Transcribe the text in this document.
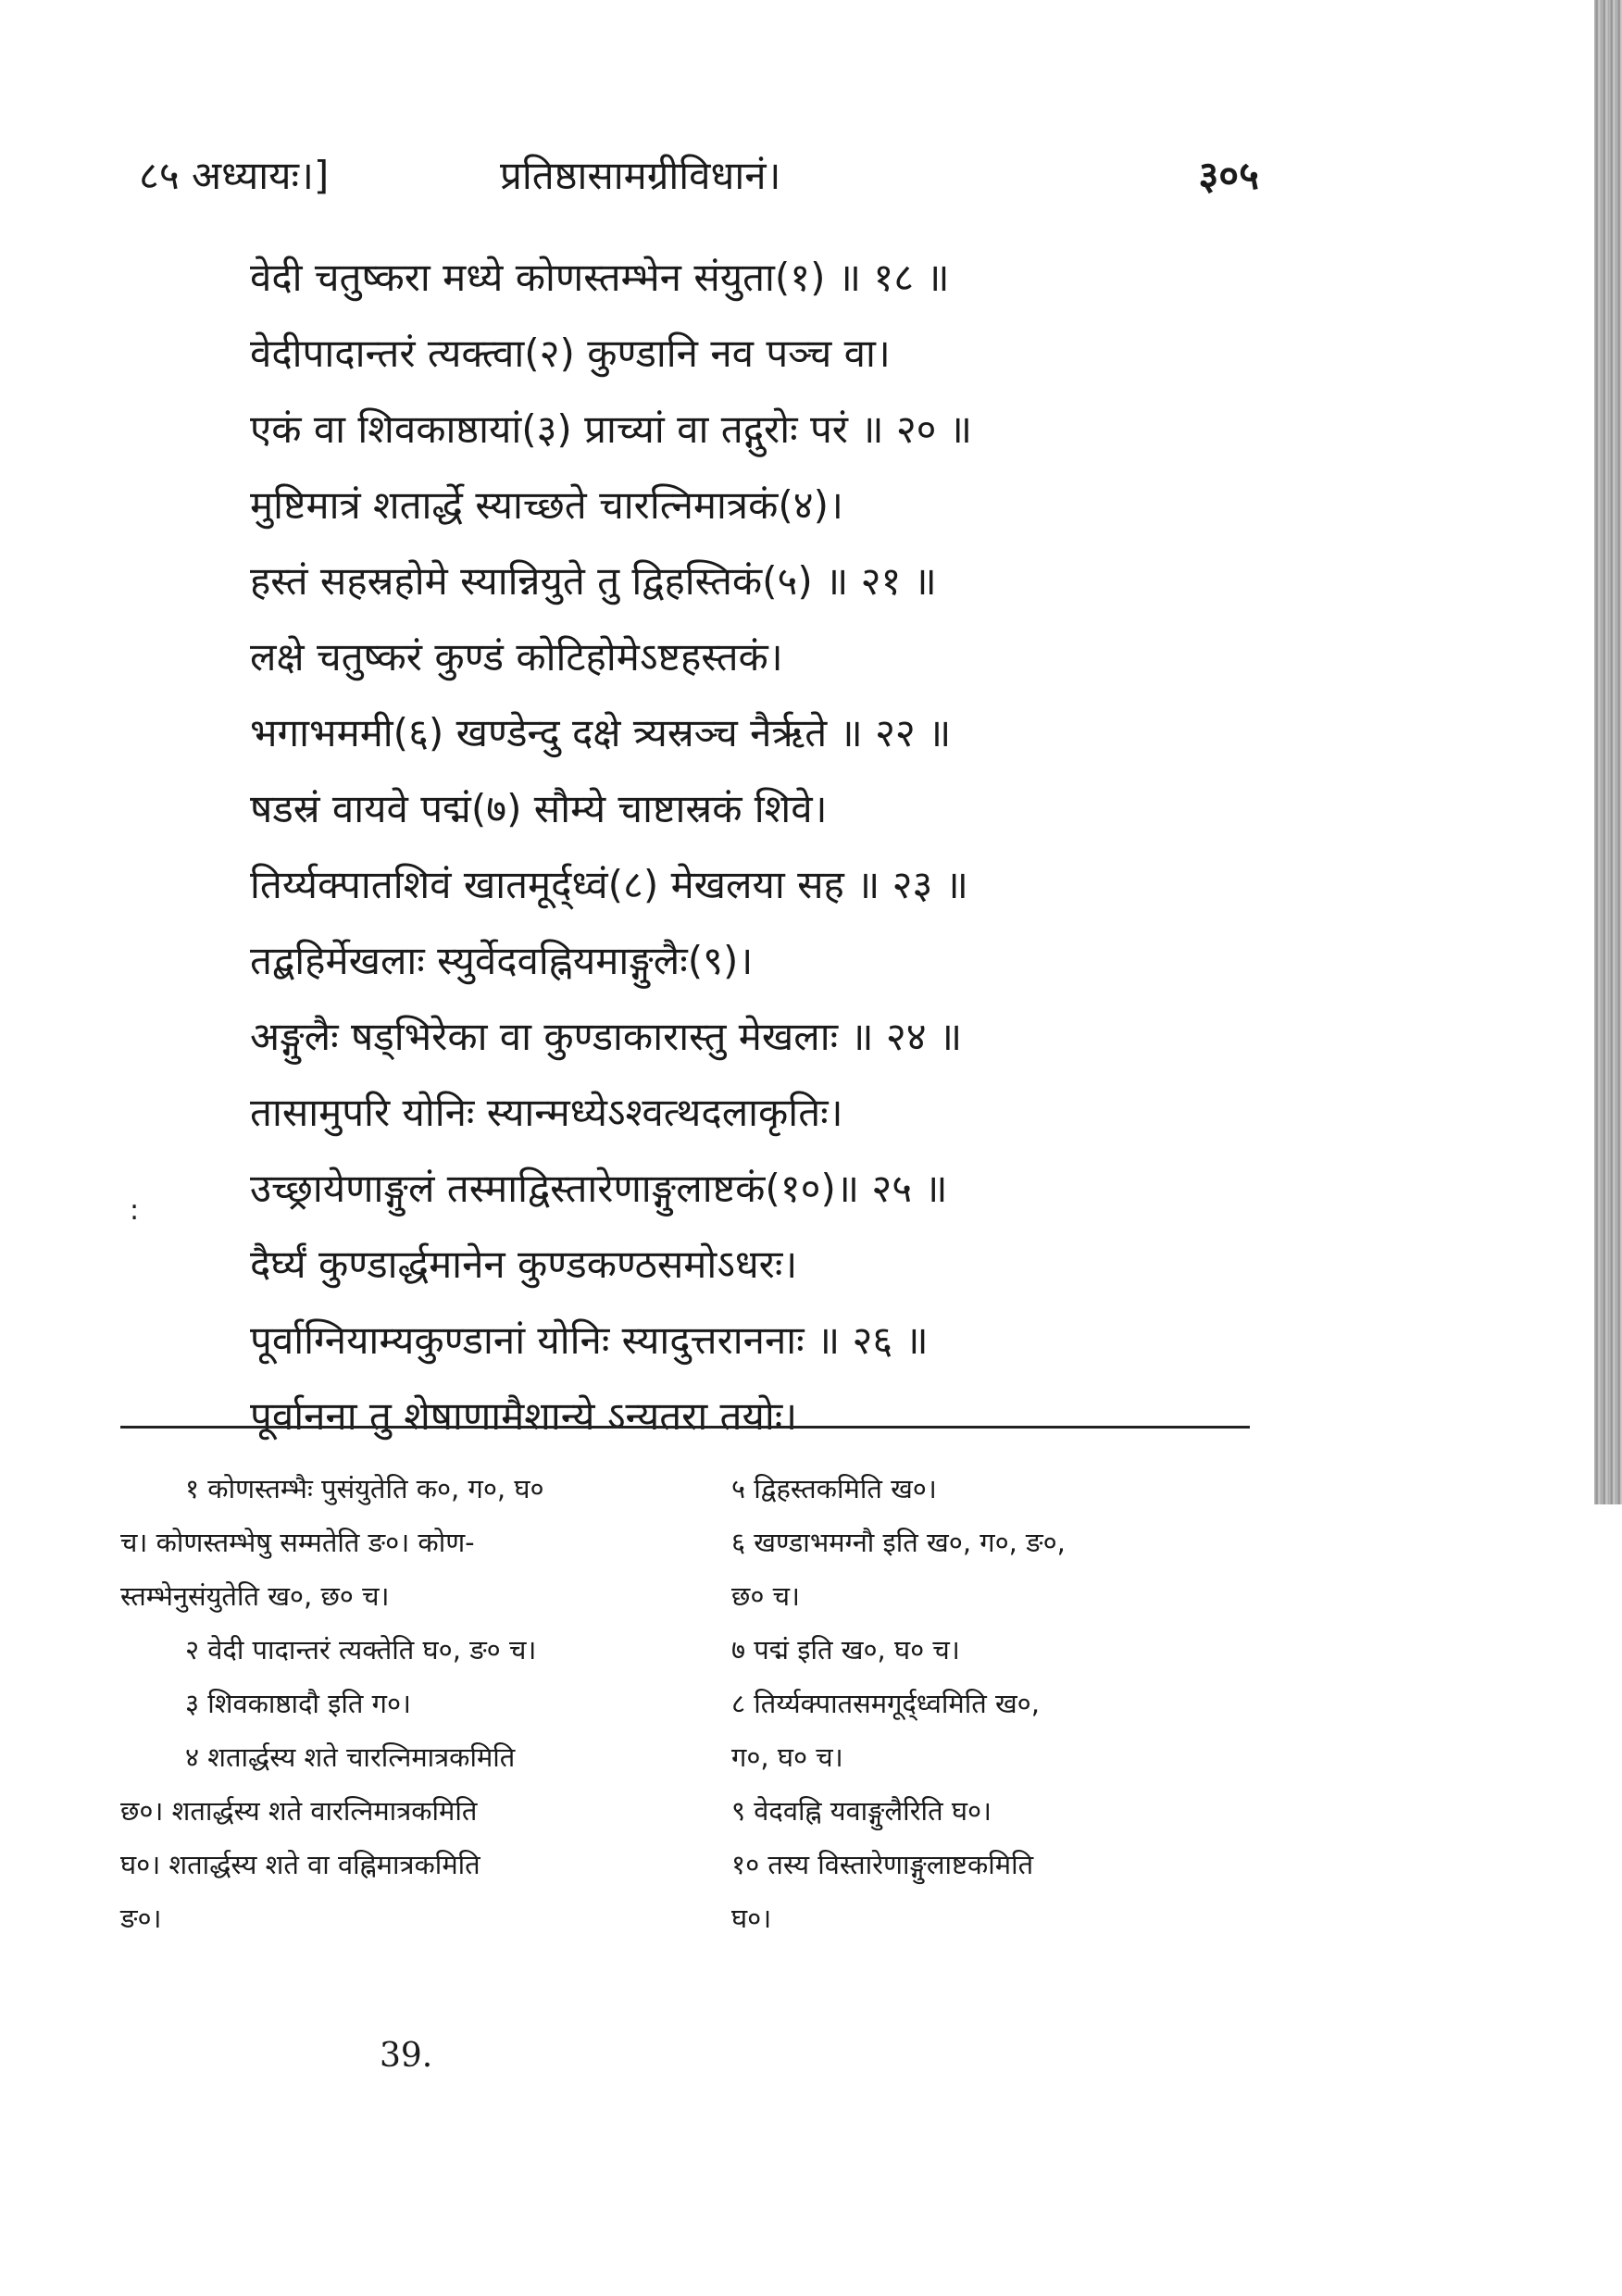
८५ अध्यायः।]	प्रतिष्ठासामग्रीविधानं।	३०५
वेदी चतुष्करा मध्ये कोणस्तम्भेन संयुता(१) ॥ १८ ॥
वेदीपादान्तरं त्यक्त्वा(२) कुण्डानि नव पञ्च वा।
एकं वा शिवकाष्ठायां(३) प्राच्यां वा तद्गुरोः परं ॥ २० ॥
मुष्टिमात्रं शतार्द्धे स्याच्छते चारत्निमात्रकं(४)।
हस्तं सहस्रहोमे स्यान्नियुते तु द्विहस्तिकं(५) ॥ २१ ॥
लक्षे चतुष्करं कुण्डं कोटिहोमेऽष्टहस्तकं।
भगाभममी(६) खण्डेन्दु दक्षे त्र्यस्रञ्च नैर्ऋते ॥ २२ ॥
षडस्रं वायवे पद्मं(७) सौम्ये चाष्टास्रकं शिवे।
तिर्य्यक्पातशिवं खातमूर्द्ध्वं(८) मेखलया सह ॥ २३ ॥
तद्बहिर्मेखलाः स्युर्वेदवह्नियमाङ्गुलैः(९)।
अङ्गुलैः षड्भिरेका वा कुण्डाकारास्तु मेखलाः ॥ २४ ॥
तासामुपरि योनिः स्यान्मध्येऽश्वत्थदलाकृतिः।
उच्छ्रायेणाङ्गुलं तस्माद्विस्तारेणाङ्गुलाष्टकं(१०)॥ २५ ॥
दैर्घ्यं कुण्डार्द्धमानेन कुण्डकण्ठसमोऽधरः।
पूर्वाग्नियाम्यकुण्डानां योनिः स्यादुत्तराननाः ॥ २६ ॥
पूर्वानना तु शेषाणामैशान्ये ऽन्यतरा तयोः।
:
१ कोणस्तम्भैः पुसंयुतेति क०, ग०, घ०
च। कोणस्तम्भेषु सम्मतेति ङ०। कोण-
स्तम्भेनुसंयुतेति ख०, छ० च।
२ वेदी पादान्तरं त्यक्तेति घ०, ङ० च।
३ शिवकाष्ठादौ इति ग०।
४ शतार्द्धस्य शते चारत्निमात्रकमिति
छ०। शतार्द्धस्य शते वारत्निमात्रकमिति
घ०। शतार्द्धस्य शते वा वह्निमात्रकमिति
ङ०।
५ द्विहस्तकमिति ख०।
६ खण्डाभमग्नौ इति ख०, ग०, ङ०,
छ० च।
७ पद्मं इति ख०, घ० च।
८ तिर्य्यक्पातसमगूर्द्ध्वमिति ख०,
ग०, घ० च।
९ वेदवह्नि यवाङ्गुलैरिति घ०।
१० तस्य विस्तारेणाङ्गुलाष्टकमिति
घ०।
39.
